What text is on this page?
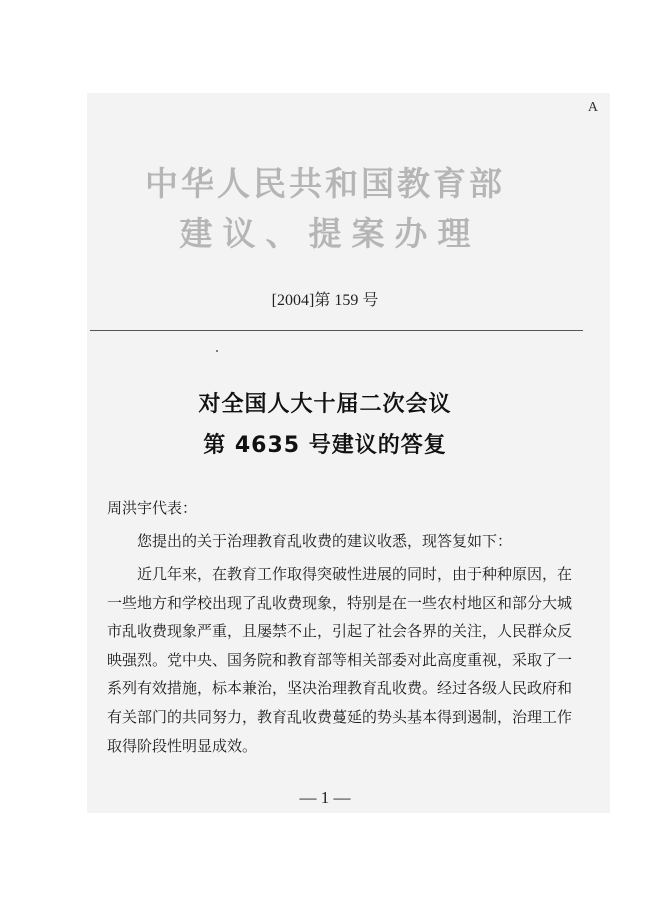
A
中华人民共和国教育部
建议、提案办理
[2004]第 159 号
对全国人大十届二次会议
第 4635 号建议的答复
周洪宇代表：

您提出的关于治理教育乱收费的建议收悉，现答复如下：

近几年来，在教育工作取得突破性进展的同时，由于种种原因，在一些地方和学校出现了乱收费现象，特别是在一些农村地区和部分大城市乱收费现象严重，且屡禁不止，引起了社会各界的关注，人民群众反映强烈。党中央、国务院和教育部等相关部委对此高度重视，采取了一系列有效措施，标本兼治，坚决治理教育乱收费。经过各级人民政府和有关部门的共同努力，教育乱收费蔓延的势头基本得到遏制，治理工作取得阶段性明显成效。

— 1 —
